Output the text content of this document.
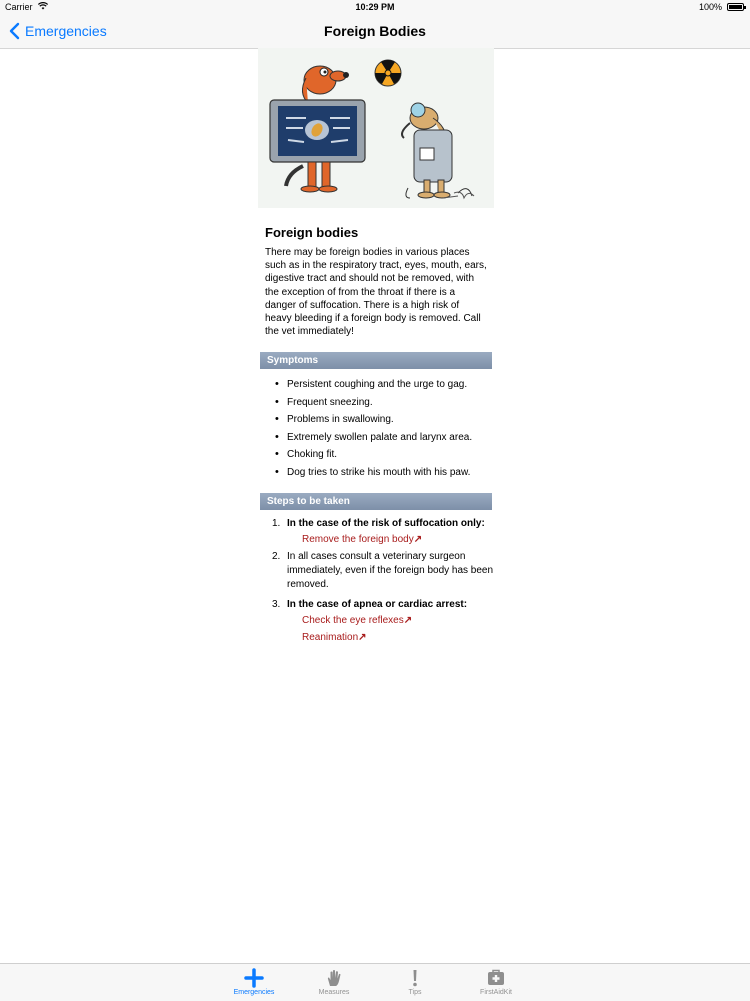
Carrier	10:29 PM	100%
Emergencies	Foreign Bodies
Foreign bodies

There may be foreign bodies in various places such as in the respiratory tract, eyes, mouth, ears, digestive tract and should not be removed, with the exception of from the throat if there is a danger of suffocation. There is a high risk of heavy bleeding if a foreign body is removed. Call the vet immediately!

Symptoms
• Persistent coughing and the urge to gag.
• Frequent sneezing.
• Problems in swallowing.
• Extremely swollen palate and larynx area.
• Choking fit.
• Dog tries to strike his mouth with his paw.
Steps to be taken
1. In the case of the risk of suffocation only:
Remove the foreign body↗
2. In all cases consult a veterinary surgeon immediately, even if the foreign body has been removed.
3. In the case of apnea or cardiac arrest:
Check the eye reflexes↗
Reanimation↗
Emergencies	Measures	Tips	FirstAidKit
